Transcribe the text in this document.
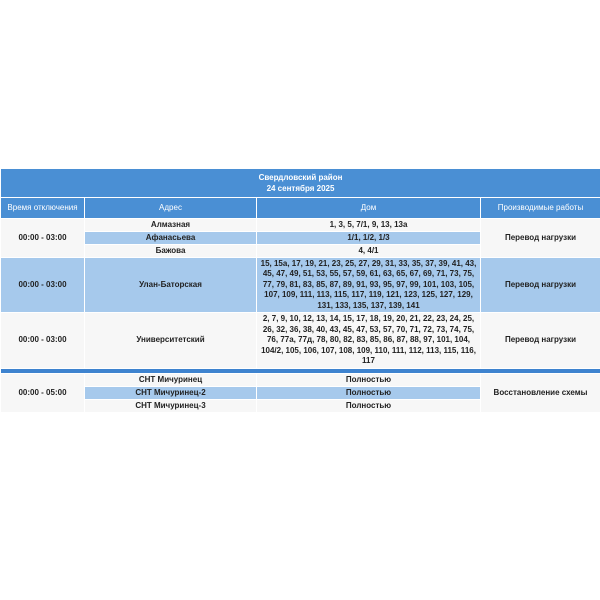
Свердловский район
24 сентября 2025			

Время отключения	Адрес	Дом	Производимые работы
00:00 - 03:00	Алмазная	1, 3, 5, 7/1, 9, 13, 13а	Перевод нагрузки
	Афанасьева	1/1, 1/2, 1/3	
	Бажова	4, 4/1	
00:00 - 03:00	Улан-Баторская	15, 15а, 17, 19, 21, 23, 25, 27, 29, 31, 33, 35, 37, 39, 41, 43, 45, 47, 49, 51, 53, 55, 57, 59, 61, 63, 65, 67, 69, 71, 73, 75, 77, 79, 81, 83, 85, 87, 89, 91, 93, 95, 97, 99, 101, 103, 105, 107, 109, 111, 113, 115, 117, 119, 121, 123, 125, 127, 129, 131, 133, 135, 137, 139, 141	Перевод нагрузки
00:00 - 03:00	Университетский	2, 7, 9, 10, 12, 13, 14, 15, 17, 18, 19, 20, 21, 22, 23, 24, 25, 26, 32, 36, 38, 40, 43, 45, 47, 53, 57, 70, 71, 72, 73, 74, 75, 76, 77а, 77д, 78, 80, 82, 83, 85, 86, 87, 88, 97, 101, 104, 104/2, 105, 106, 107, 108, 109, 110, 111, 112, 113, 115, 116, 117	Перевод нагрузки

00:00 - 05:00	СНТ Мичуринец	Полностью	Восстановление схемы
	СНТ Мичуринец-2	Полностью	
	СНТ Мичуринец-3	Полностью	
